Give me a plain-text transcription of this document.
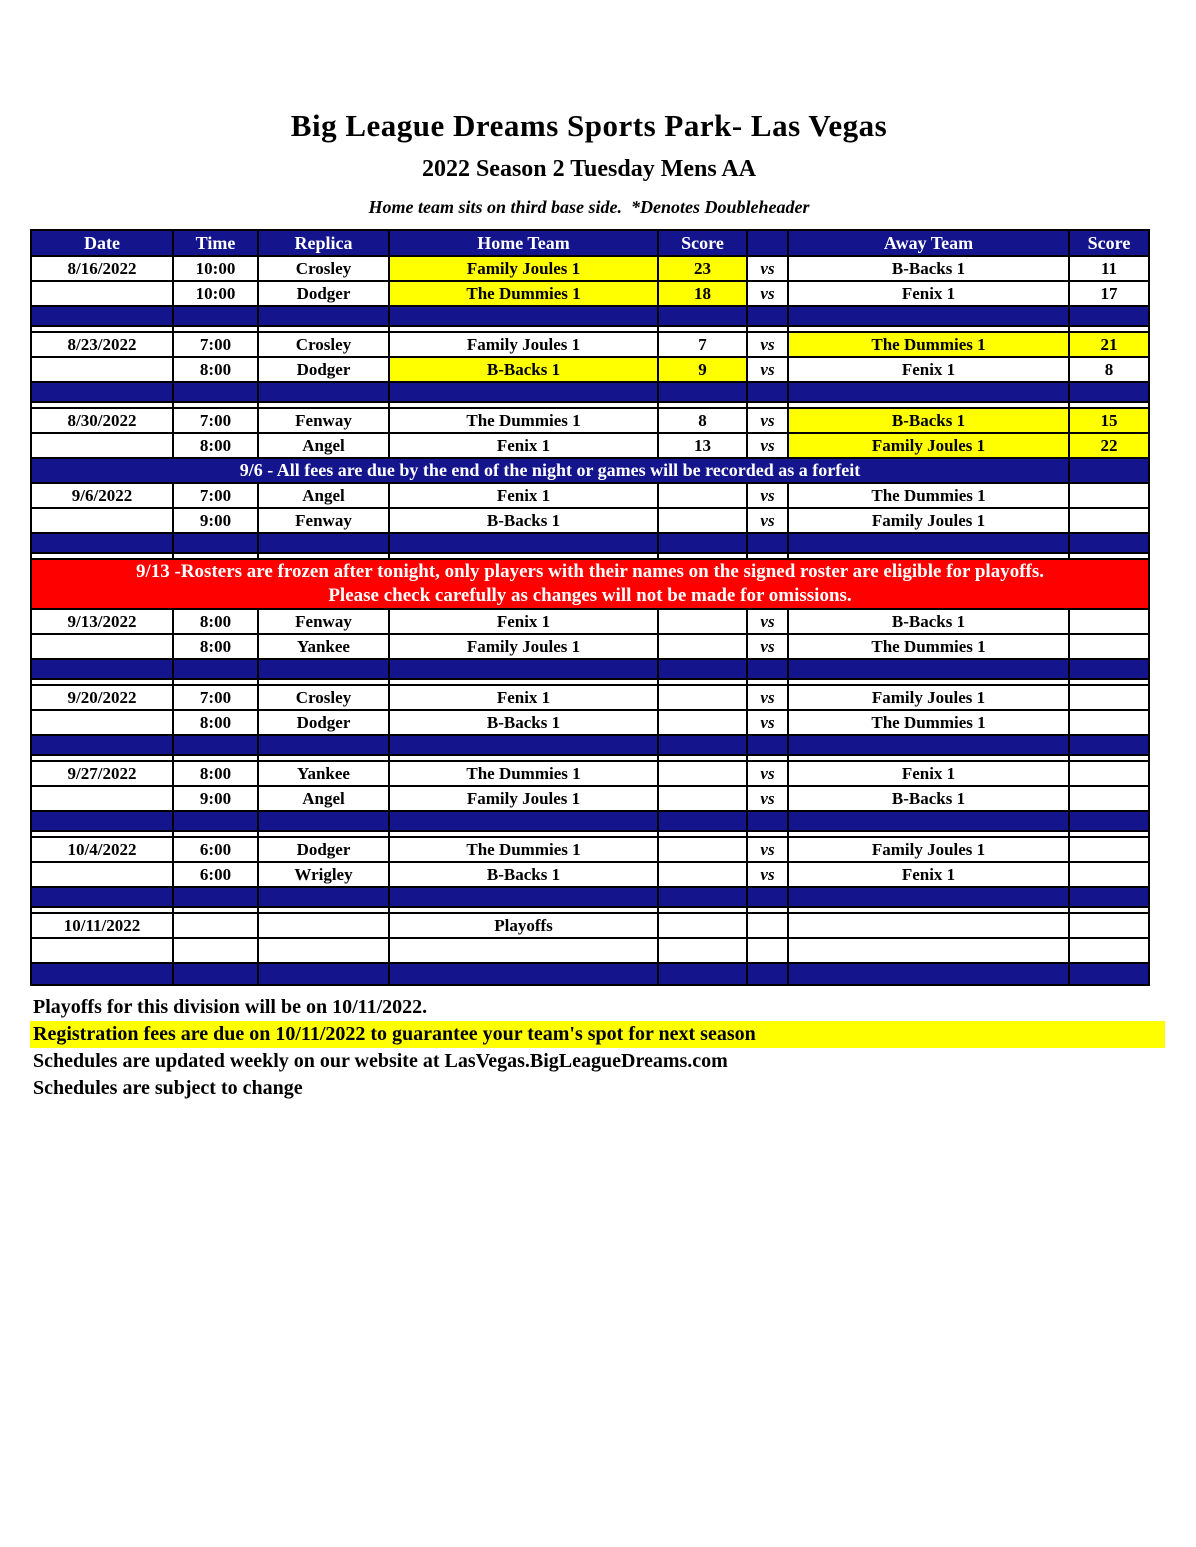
Big League Dreams Sports Park- Las Vegas
2022 Season 2 Tuesday Mens AA
Home team sits on third base side.  *Denotes Doubleheader
Date	Time	Replica	Home Team	Score		Away Team	Score
8/16/2022	10:00	Crosley	Family Joules 1	23	vs	B-Backs 1	11
	10:00	Dodger	The Dummies 1	18	vs	Fenix 1	17

8/23/2022	7:00	Crosley	Family Joules 1	7	vs	The Dummies 1	21
	8:00	Dodger	B-Backs 1	9	vs	Fenix 1	8

8/30/2022	7:00	Fenway	The Dummies 1	8	vs	B-Backs 1	15
	8:00	Angel	Fenix 1	13	vs	Family Joules 1	22
9/6 - All fees are due by the end of the night or games will be recorded as a forfeit							
9/6/2022	7:00	Angel	Fenix 1		vs	The Dummies 1	
	9:00	Fenway	B-Backs 1		vs	Family Joules 1	

9/13 -Rosters are frozen after tonight, only players with their names on the signed roster are eligible for playoffs.
Please check carefully as changes will not be made for omissions.							

9/13/2022	8:00	Fenway	Fenix 1		vs	B-Backs 1	
	8:00	Yankee	Family Joules 1		vs	The Dummies 1	

9/20/2022	7:00	Crosley	Fenix 1		vs	Family Joules 1	
	8:00	Dodger	B-Backs 1		vs	The Dummies 1	

9/27/2022	8:00	Yankee	The Dummies 1		vs	Fenix 1	
	9:00	Angel	Family Joules 1		vs	B-Backs 1	

10/4/2022	6:00	Dodger	The Dummies 1		vs	Family Joules 1	
	6:00	Wrigley	B-Backs 1		vs	Fenix 1	

10/11/2022			Playoffs				

Playoffs for this division will be on 10/11/2022.
Registration fees are due on 10/11/2022 to guarantee your team's spot for next season
Schedules are updated weekly on our website at LasVegas.BigLeagueDreams.com
Schedules are subject to change
